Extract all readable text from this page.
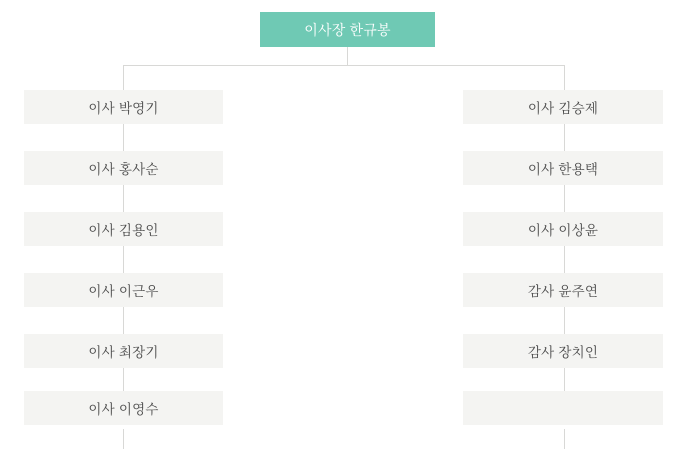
이사장 한규봉
이사 박영기
이사 홍사순
이사 김용인
이사 이근우
이사 최장기
이사 이영수
이사 김승제
이사 한용택
이사 이상윤
감사 윤주연
감사 장치인
